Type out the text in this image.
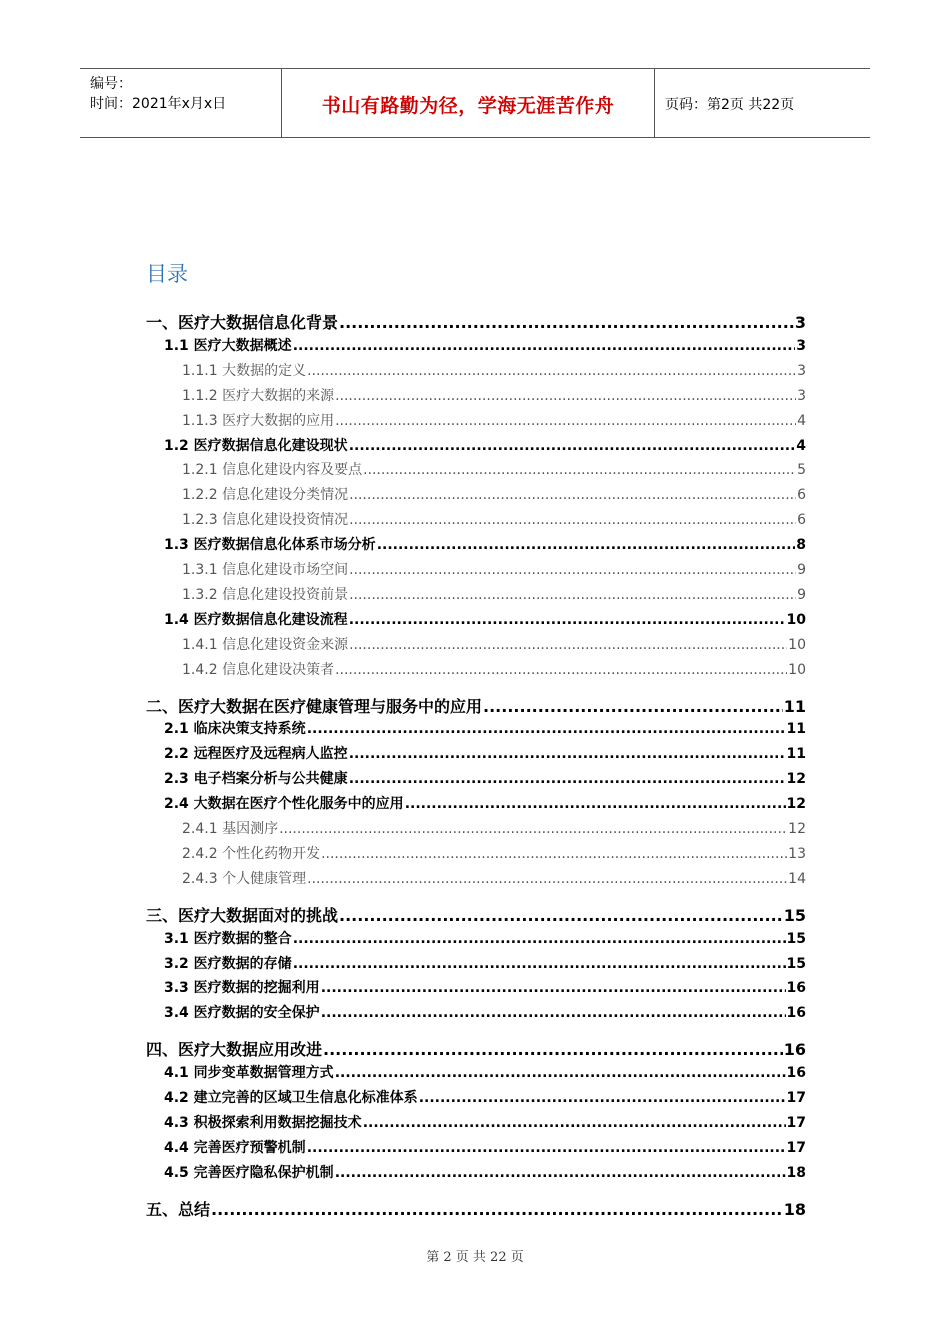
编号：
时间：2021年x月x日	书山有路勤为径，学海无涯苦作舟	页码：第2页 共22页
目录
一、医疗大数据信息化背景 .....	3
1.1 医疗大数据概述 .....	3
1.1.1 大数据的定义 .....	3
1.1.2 医疗大数据的来源 .....	3
1.1.3 医疗大数据的应用 .....	4
1.2 医疗数据信息化建设现状 .....	4
1.2.1 信息化建设内容及要点 .....	5
1.2.2 信息化建设分类情况 .....	6
1.2.3 信息化建设投资情况 .....	6
1.3 医疗数据信息化体系市场分析 .....	8
1.3.1 信息化建设市场空间 .....	9
1.3.2 信息化建设投资前景 .....	9
1.4 医疗数据信息化建设流程 .....	10
1.4.1 信息化建设资金来源 .....	10
1.4.2 信息化建设决策者 .....	10
二、医疗大数据在医疗健康管理与服务中的应用 .....	11
2.1 临床决策支持系统 .....	11
2.2 远程医疗及远程病人监控 .....	11
2.3 电子档案分析与公共健康 .....	12
2.4 大数据在医疗个性化服务中的应用 .....	12
2.4.1 基因测序 .....	12
2.4.2 个性化药物开发 .....	13
2.4.3 个人健康管理 .....	14
三、医疗大数据面对的挑战 .....	15
3.1 医疗数据的整合 .....	15
3.2 医疗数据的存储 .....	15
3.3 医疗数据的挖掘利用 .....	16
3.4 医疗数据的安全保护 .....	16
四、医疗大数据应用改进 .....	16
4.1 同步变革数据管理方式 .....	16
4.2 建立完善的区域卫生信息化标准体系 .....	17
4.3 积极探索利用数据挖掘技术 .....	17
4.4 完善医疗预警机制 .....	17
4.5 完善医疗隐私保护机制 .....	18
五、总结 .....	18
第 2 页 共 22 页
